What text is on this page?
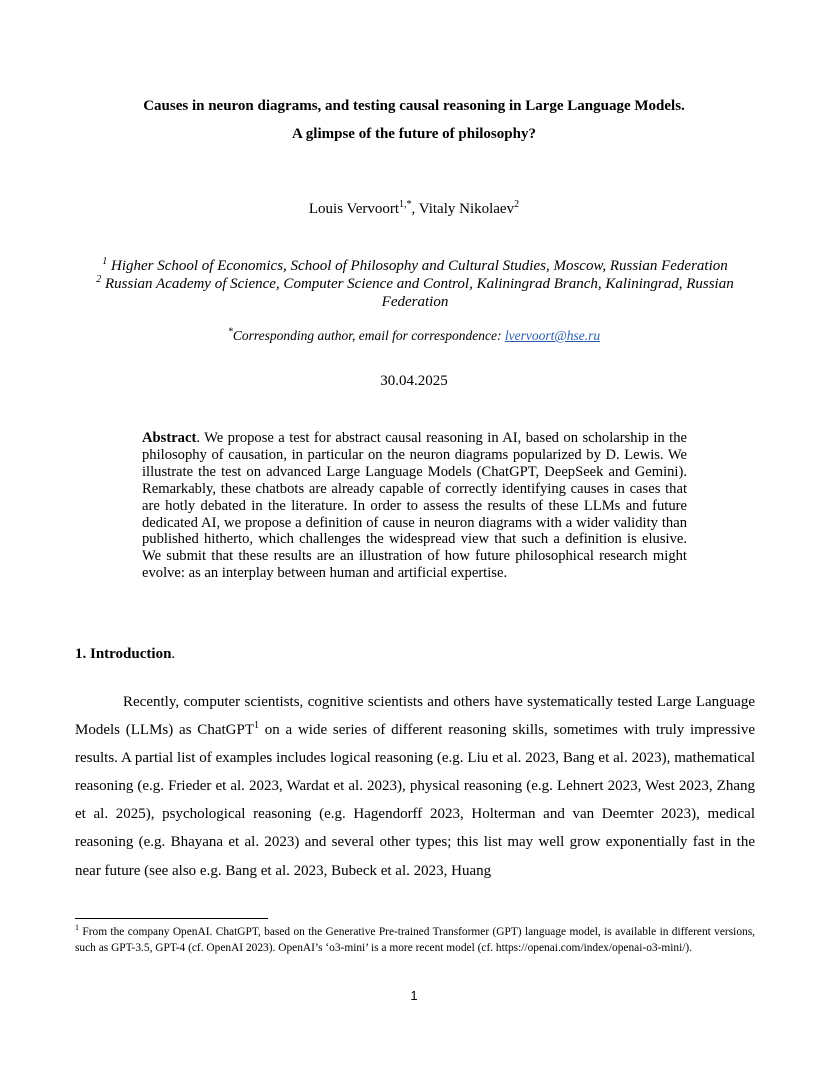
Causes in neuron diagrams, and testing causal reasoning in Large Language Models.
A glimpse of the future of philosophy?
Louis Vervoort$^{1,*}$, Vitaly Nikolaev$^2$
$^1$ Higher School of Economics, School of Philosophy and Cultural Studies, Moscow, Russian Federation
$^2$ Russian Academy of Science, Computer Science and Control, Kaliningrad Branch, Kaliningrad, Russian Federation
*Corresponding author, email for correspondence: lvervoort@hse.ru
30.04.2025
Abstract. We propose a test for abstract causal reasoning in AI, based on scholarship in the philosophy of causation, in particular on the neuron diagrams popularized by D. Lewis. We illustrate the test on advanced Large Language Models (ChatGPT, DeepSeek and Gemini). Remarkably, these chatbots are already capable of correctly identifying causes in cases that are hotly debated in the literature. In order to assess the results of these LLMs and future dedicated AI, we propose a definition of cause in neuron diagrams with a wider validity than published hitherto, which challenges the widespread view that such a definition is elusive. We submit that these results are an illustration of how future philosophical research might evolve: as an interplay between human and artificial expertise.
1. Introduction.

Recently, computer scientists, cognitive scientists and others have systematically tested Large Language Models (LLMs) as ChatGPT$^1$ on a wide series of different reasoning skills, sometimes with truly impressive results. A partial list of examples includes logical reasoning (e.g. Liu et al. 2023, Bang et al. 2023), mathematical reasoning (e.g. Frieder et al. 2023, Wardat et al. 2023), physical reasoning (e.g. Lehnert 2023, West 2023, Zhang et al. 2025), psychological reasoning (e.g. Hagendorff 2023, Holterman and van Deemter 2023), medical reasoning (e.g. Bhayana et al. 2023) and several other types; this list may well grow exponentially fast in the near future (see also e.g. Bang et al. 2023, Bubeck et al. 2023, Huang

$^1$ From the company OpenAI. ChatGPT, based on the Generative Pre-trained Transformer (GPT) language model, is available in different versions, such as GPT-3.5, GPT-4 (cf. OpenAI 2023). OpenAI’s ‘o3-mini’ is a more recent model (cf. https://openai.com/index/openai-o3-mini/).
1
